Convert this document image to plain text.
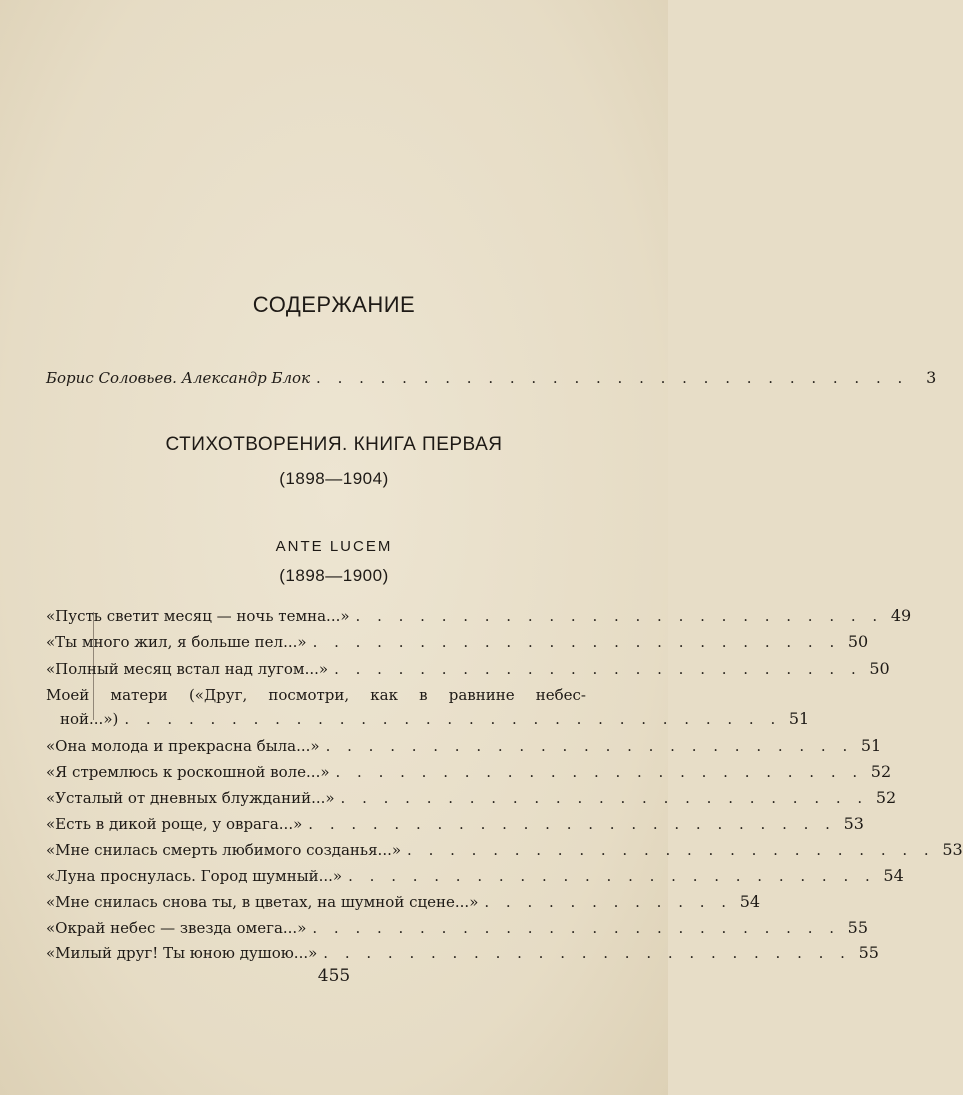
СОДЕРЖАНИЕ
Борис Соловьев. Александр Блок . . . . . . . . . . . . . . . . . . . . . . . . . . . .	3
СТИХОТВОРЕНИЯ. КНИГА ПЕРВАЯ
(1898—1904)
ANTE LUCEM
(1898—1900)
«Пусть светит месяц — ночь темна...» . . . . . . . . . . . . . . . . . . . . . . . . . 49
«Ты много жил, я больше пел...» . . . . . . . . . . . . . . . . . . . . . . . . . 50
«Полный месяц встал над лугом...» . . . . . . . . . . . . . . . . . . . . . . . . . 50
Моей матери («Друг, посмотри, как в равнине небес-
ной...») . . . . . . . . . . . . . . . . . . . . . . . . . . . . . . . 51
«Она молода и прекрасна была...» . . . . . . . . . . . . . . . . . . . . . . . . . 51
«Я стремлюсь к роскошной воле...» . . . . . . . . . . . . . . . . . . . . . . . . . 52
«Усталый от дневных блужданий...» . . . . . . . . . . . . . . . . . . . . . . . . . 52
«Есть в дикой роще, у оврага...» . . . . . . . . . . . . . . . . . . . . . . . . . 53
«Мне снилась смерть любимого созданья...» . . . . . . . . . . . . . . . . . . . . . . . . . 53
«Луна проснулась. Город шумный...» . . . . . . . . . . . . . . . . . . . . . . . . . 54
«Мне снилась снова ты, в цветах, на шумной сцене...» . . . . . . . . . . . . 54
«Окрай небес — звезда омега...» . . . . . . . . . . . . . . . . . . . . . . . . . 55
«Милый друг! Ты юною душою...» . . . . . . . . . . . . . . . . . . . . . . . . . 55
455
